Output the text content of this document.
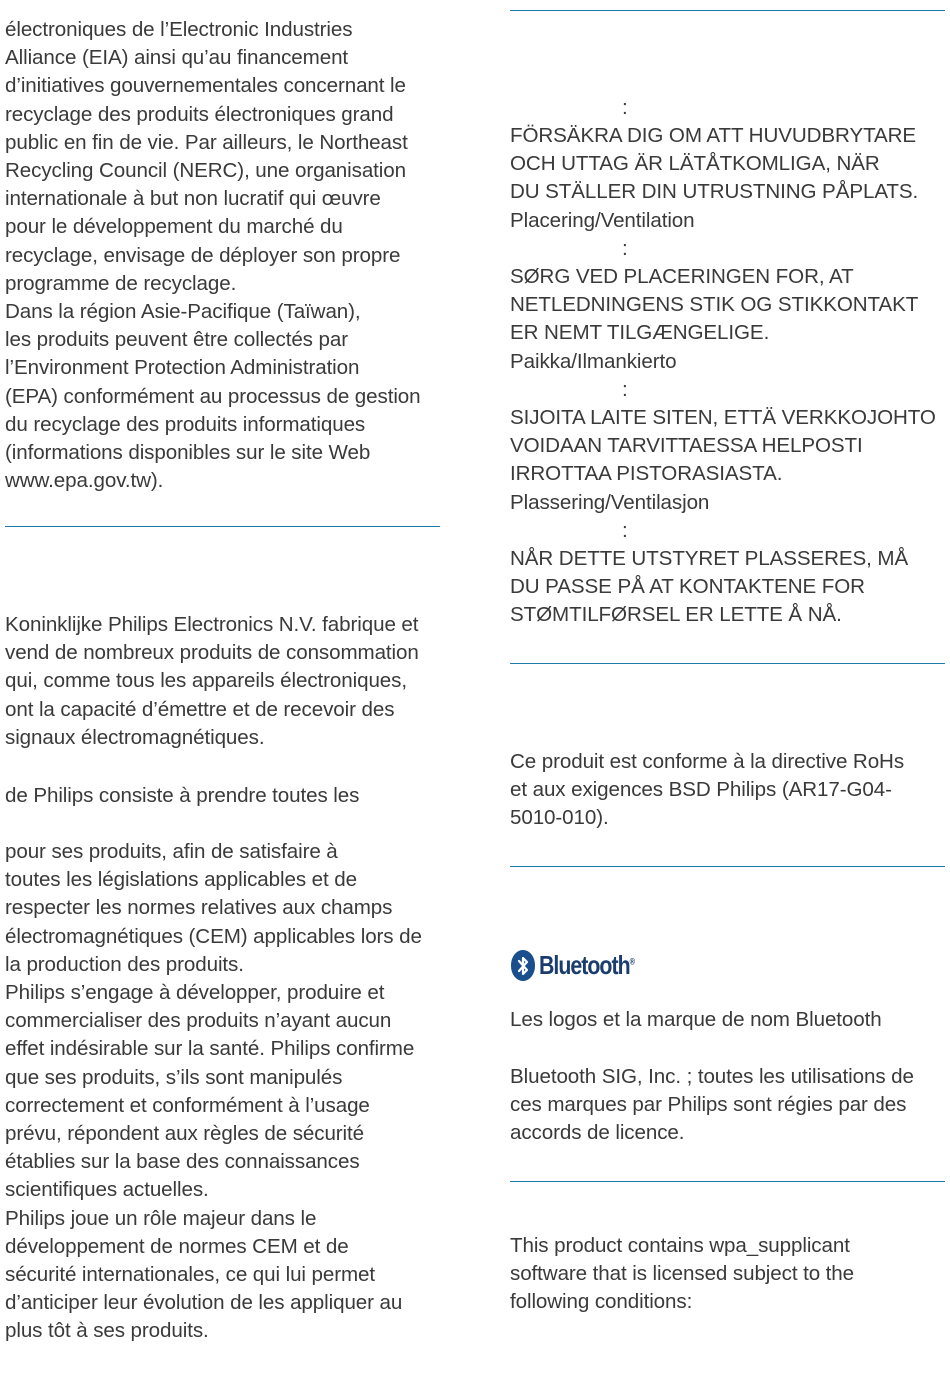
électroniques de l’Electronic Industries
Alliance (EIA) ainsi qu’au financement
d’initiatives gouvernementales concernant le
recyclage des produits électroniques grand
public en fin de vie. Par ailleurs, le Northeast
Recycling Council (NERC), une organisation
internationale à but non lucratif qui œuvre
pour le développement du marché du
recyclage, envisage de déployer son propre
programme de recyclage.
Dans la région Asie-Pacifique (Taïwan),
les produits peuvent être collectés par
l’Environment Protection Administration
(EPA) conformément au processus de gestion
du recyclage des produits informatiques
(informations disponibles sur le site Web
www.epa.gov.tw).
Koninklijke Philips Electronics N.V. fabrique et
vend de nombreux produits de consommation
qui, comme tous les appareils électroniques,
ont la capacité d’émettre et de recevoir des
signaux électromagnétiques.
de Philips consiste à prendre toutes les
pour ses produits, afin de satisfaire à
toutes les législations applicables et de
respecter les normes relatives aux champs
électromagnétiques (CEM) applicables lors de
la production des produits.
Philips s’engage à développer, produire et
commercialiser des produits n’ayant aucun
effet indésirable sur la santé. Philips confirme
que ses produits, s’ils sont manipulés
correctement et conformément à l’usage
prévu, répondent aux règles de sécurité
établies sur la base des connaissances
scientifiques actuelles.
Philips joue un rôle majeur dans le
développement de normes CEM et de
sécurité internationales, ce qui lui permet
d’anticiper leur évolution de les appliquer au
plus tôt à ses produits.
:
FÖRSÄKRA DIG OM ATT HUVUDBRYTARE
OCH UTTAG ÄR LÄTÅTKOMLIGA, NÄR
DU STÄLLER DIN UTRUSTNING PÅPLATS.
Placering/Ventilation
:
SØRG VED PLACERINGEN FOR, AT
NETLEDNINGENS STIK OG STIKKONTAKT
ER NEMT TILGÆNGELIGE.
Paikka/Ilmankierto
:
SIJOITA LAITE SITEN, ETTÄ VERKKOJOHTO
VOIDAAN TARVITTAESSA HELPOSTI
IRROTTAA PISTORASIASTA.
Plassering/Ventilasjon
:
NÅR DETTE UTSTYRET PLASSERES, MÅ
DU PASSE PÅ AT KONTAKTENE FOR
STØMTILFØRSEL ER LETTE Å NÅ.
Ce produit est conforme à la directive RoHs
et aux exigences BSD Philips (AR17-G04-
5010-010).
Les logos et la marque de nom Bluetooth
Bluetooth SIG, Inc. ; toutes les utilisations de
ces marques par Philips sont régies par des
accords de licence.
This product contains wpa_supplicant
software that is licensed subject to the
following conditions:
Bluetooth®
